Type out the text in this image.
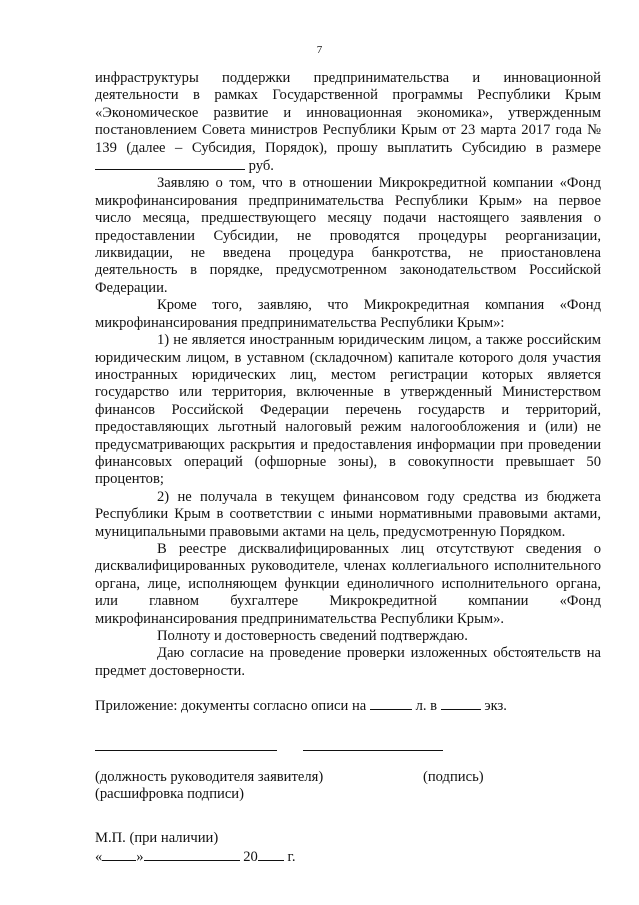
7

инфраструктуры поддержки предпринимательства и инновационной деятельности в рамках Государственной программы Республики Крым «Экономическое развитие и инновационная экономика», утвержденным постановлением Совета министров Республики Крым от 23 марта 2017 года № 139 (далее – Субсидия, Порядок), прошу выплатить Субсидию в размере  руб.

Заявляю о том, что в отношении Микрокредитной компании «Фонд микрофинансирования предпринимательства Республики Крым» на первое число месяца, предшествующего месяцу подачи настоящего заявления о предоставлении Субсидии, не проводятся процедуры реорганизации, ликвидации, не введена процедура банкротства, не приостановлена деятельность в порядке, предусмотренном законодательством Российской Федерации.

Кроме того, заявляю, что Микрокредитная компания «Фонд микрофинансирования предпринимательства Республики Крым»:

1) не является иностранным юридическим лицом, а также российским юридическим лицом, в уставном (складочном) капитале которого доля участия иностранных юридических лиц, местом регистрации которых является государство или территория, включенные в утвержденный Министерством финансов Российской Федерации перечень государств и территорий, предоставляющих льготный налоговый режим налогообложения и (или) не предусматривающих раскрытия и предоставления информации при проведении финансовых операций (офшорные зоны), в совокупности превышает 50 процентов;

2) не получала в текущем финансовом году средства из бюджета Республики Крым в соответствии с иными нормативными правовыми актами, муниципальными правовыми актами на цель, предусмотренную Порядком.

В реестре дисквалифицированных лиц отсутствуют сведения о дисквалифицированных руководителе, членах коллегиального исполнительного органа, лице, исполняющем функции единоличного исполнительного органа, или главном бухгалтере Микрокредитной компании «Фонд микрофинансирования предпринимательства Республики Крым».

Полноту и достоверность сведений подтверждаю.

Даю согласие на проведение проверки изложенных обстоятельств на предмет достоверности.

Приложение: документы согласно описи на	л. в	экз.

(должность руководителя заявителя)	(подпись)
(расшифровка подписи)

М.П. (при наличии)

« »	20 г.
